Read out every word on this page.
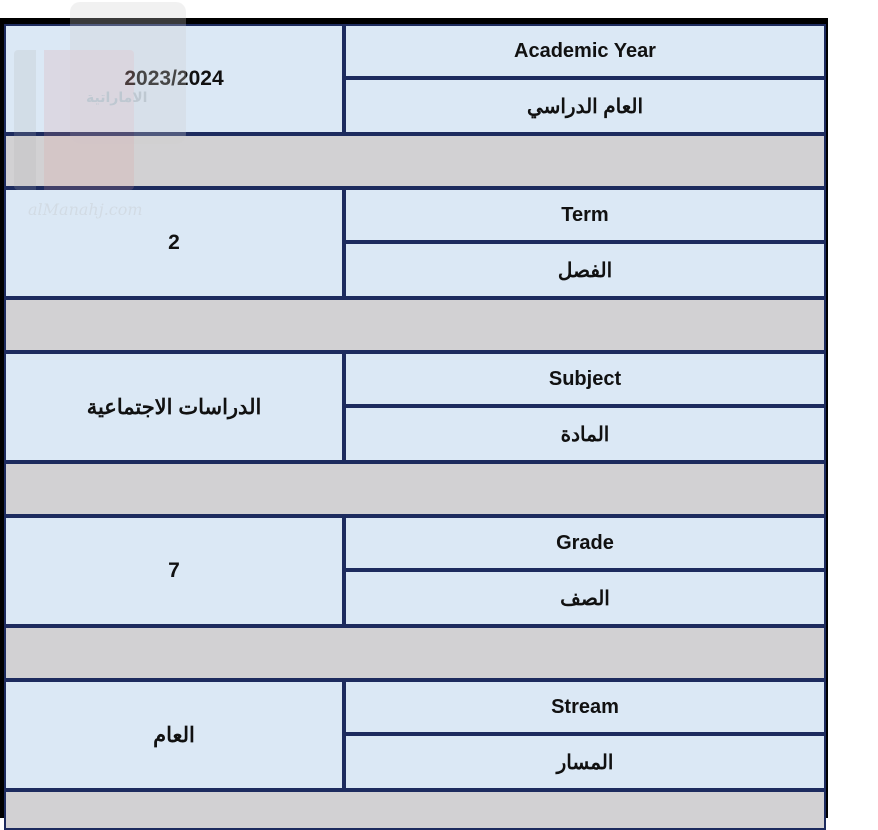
الاماراتية
alManahj.com
2023/2024
Academic Year
العام الدراسي
2
Term
الفصل
الدراسات الاجتماعية
Subject
المادة
7
Grade
الصف
العام
Stream
المسار
